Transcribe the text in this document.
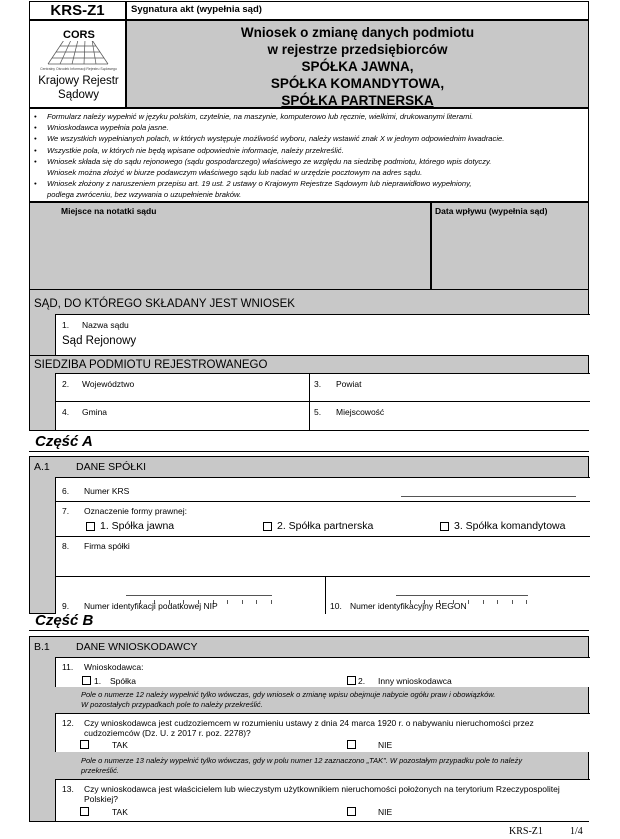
KRS-Z1	Sygnatura akt (wypełnia sąd)
CORS
Centralny Ośrodek Informacji Rejestru Sądowego
Krajowy Rejestr Sądowy
Wniosek o zmianę danych podmiotu
w rejestrze przedsiębiorców
SPÓŁKA JAWNA,
SPÓŁKA KOMANDYTOWA,
SPÓŁKA PARTNERSKA
• Formularz należy wypełnić w języku polskim, czytelnie, na maszynie, komputerowo lub ręcznie, wielkimi, drukowanymi literami.
• Wnioskodawca wypełnia pola jasne.
• We wszystkich wypełnianych polach, w których występuje możliwość wyboru, należy wstawić znak X w jednym odpowiednim kwadracie.
• Wszystkie pola, w których nie będą wpisane odpowiednie informacje, należy przekreślić.
• Wniosek składa się do sądu rejonowego (sądu gospodarczego) właściwego ze względu na siedzibę podmiotu, którego wpis dotyczy.
Wniosek można złożyć w biurze podawczym właściwego sądu lub nadać w urzędzie pocztowym na adres sądu.
• Wniosek złożony z naruszeniem przepisu art. 19 ust. 2 ustawy o Krajowym Rejestrze Sądowym lub nieprawidłowo wypełniony,
podlega zwróceniu, bez wzywania o uzupełnienie braków.
Miejsce na notatki sądu	Data wpływu (wypełnia sąd)
SĄD, DO KTÓREGO SKŁADANY JEST WNIOSEK
1. Nazwa sądu
Sąd Rejonowy
SIEDZIBA PODMIOTU REJESTROWANEGO
2. Województwo	3. Powiat
4. Gmina	5. Miejscowość
Część A
A.1 DANE SPÓŁKI
6. Numer KRS
7. Oznaczenie formy prawnej:
1. Spółka jawna	2. Spółka partnerska	3. Spółka komandytowa
8. Firma spółki
9. Numer identyfikacji podatkowej NIP	10. Numer identyfikacyjny REGON
Część B
B.1 DANE WNIOSKODAWCY
11. Wnioskodawca:
1. Spółka	2. Inny wnioskodawca
Pole o numerze 12 należy wypełnić tylko wówczas, gdy wniosek o zmianę wpisu obejmuje nabycie ogółu praw i obowiązków.
W pozostałych przypadkach pole to należy przekreślić.
12. Czy wnioskodawca jest cudzoziemcem w rozumieniu ustawy z dnia 24 marca 1920 r. o nabywaniu nieruchomości przez
cudzoziemców (Dz. U. z 2017 r. poz. 2278)?
TAK	NIE
Pole o numerze 13 należy wypełnić tylko wówczas, gdy w polu numer 12 zaznaczono „TAK". W pozostałym przypadku pole to należy
przekreślić.
13. Czy wnioskodawca jest właścicielem lub wieczystym użytkownikiem nieruchomości położonych na terytorium Rzeczypospolitej
Polskiej?
TAK	NIE
KRS-Z1	1/4
